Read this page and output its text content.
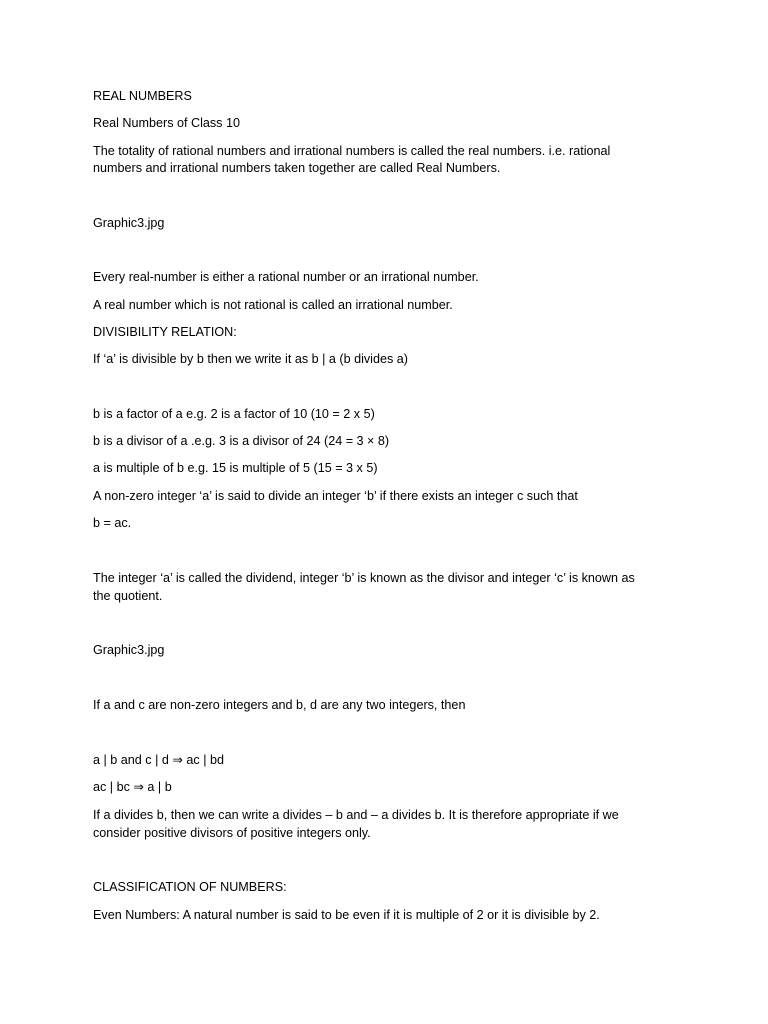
REAL NUMBERS
Real Numbers of Class 10
The totality of rational numbers and irrational numbers is called the real numbers. i.e. rational
numbers and irrational numbers taken together are called Real Numbers.
Graphic3.jpg
Every real-number is either a rational number or an irrational number.
A real number which is not rational is called an irrational number.
DIVISIBILITY RELATION:
If ‘a’ is divisible by b then we write it as b | a (b divides a)
b is a factor of a e.g. 2 is a factor of 10 (10 = 2 x 5)
b is a divisor of a .e.g. 3 is a divisor of 24 (24 = 3 × 8)
a is multiple of b e.g. 15 is multiple of 5 (15 = 3 x 5)
A non-zero integer ‘a’ is said to divide an integer ‘b’ if there exists an integer c such that
b = ac.
The integer ‘a’ is called the dividend, integer ‘b’ is known as the divisor and integer ‘c’ is known as
the quotient.
Graphic3.jpg
If a and c are non-zero integers and b, d are any two integers, then
a | b and c | d ⇒ ac | bd
ac | bc ⇒ a | b
If a divides b, then we can write a divides – b and – a divides b. It is therefore appropriate if we
consider positive divisors of positive integers only.
CLASSIFICATION OF NUMBERS:
Even Numbers: A natural number is said to be even if it is multiple of 2 or it is divisible by 2.
